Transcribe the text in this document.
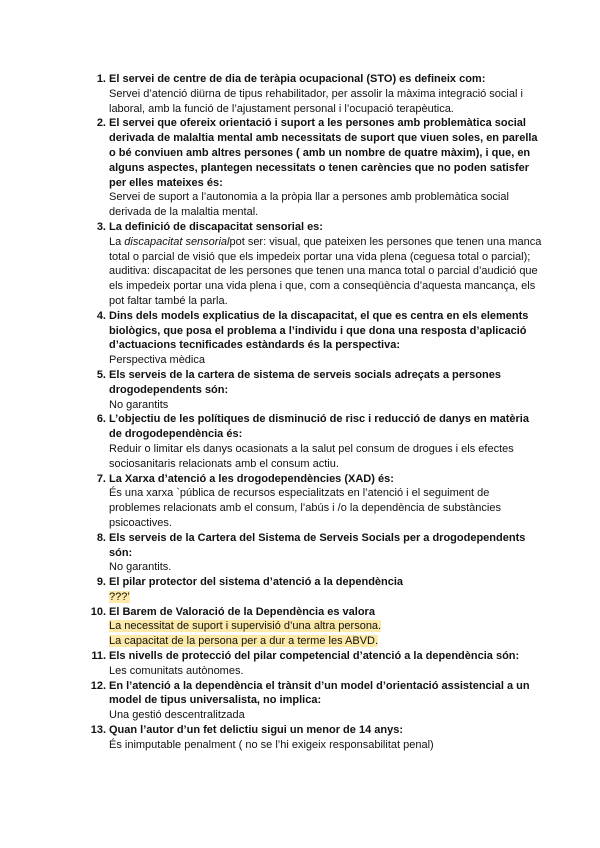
1. El servei de centre de dia de teràpia ocupacional (STO) es defineix com:
Servei d’atenció diürna de tipus rehabilitador, per assolir la màxima integració social i laboral, amb la funció de l’ajustament personal i l’ocupació terapèutica.
2. El servei que ofereix orientació i suport a les persones amb problemàtica social derivada de malaltia mental amb necessitats de suport que viuen soles, en parella o bé conviuen amb altres persones ( amb un nombre de quatre màxim), i que, en alguns aspectes, plantegen necessitats o tenen carències que no poden satisfer per elles mateixes és:
Servei de suport a l’autonomia a la pròpia llar a persones amb problemàtica social derivada de la malaltia mental.
3. La definició de discapacitat sensorial es:
La discapacitat sensorialpot ser: visual, que pateixen les persones que tenen una manca total o parcial de visió que els impedeix portar una vida plena (ceguesa total o parcial); auditiva: discapacitat de les persones que tenen una manca total o parcial d’audició que els impedeix portar una vida plena i que, com a conseqüència d’aquesta mancança, els pot faltar també la parla.
4. Dins dels models explicatius de la discapacitat, el que es centra en els elements biològics, que posa el problema a l’individu i que dona una resposta d’aplicació d’actuacions tecnificades estàndards és la perspectiva:
Perspectiva mèdica
5. Els serveis de la cartera de sistema de serveis socials adreçats a persones drogodependents són:
No garantits
6. L’objectiu de les polítiques de disminució de risc i reducció de danys en matèria de drogodependència és:
Reduir o limitar els danys ocasionats a la salut pel consum de drogues i els efectes sociosanitaris relacionats amb el consum actiu.
7. La Xarxa d’atenció a les drogodependències (XAD) és:
És una xarxa `pública de recursos especialitzats en l’atenció i el seguiment de problemes relacionats amb el consum, l’abús i /o la dependència de substàncies psicoactives.
8. Els serveis de la Cartera del Sistema de Serveis Socials per a drogodependents són:
No garantits.
9. El pilar protector del sistema d’atenció a la dependència
???’
10. El Barem de Valoració de la Dependència es valora
La necessitat de suport i supervisió d’una altra persona.
La capacitat de la persona per a dur a terme les ABVD.
11. Els nivells de protecció del pilar competencial d’atenció a la dependència són:
Les comunitats autònomes.
12. En l’atenció a la dependència el trànsit d’un model d’orientació assistencial a un model de tipus universalista, no implica:
Una gestió descentralitzada
13. Quan l’autor d’un fet delictiu sigui un menor de 14 anys:
És inimputable penalment ( no se l’hi exigeix responsabilitat penal)
